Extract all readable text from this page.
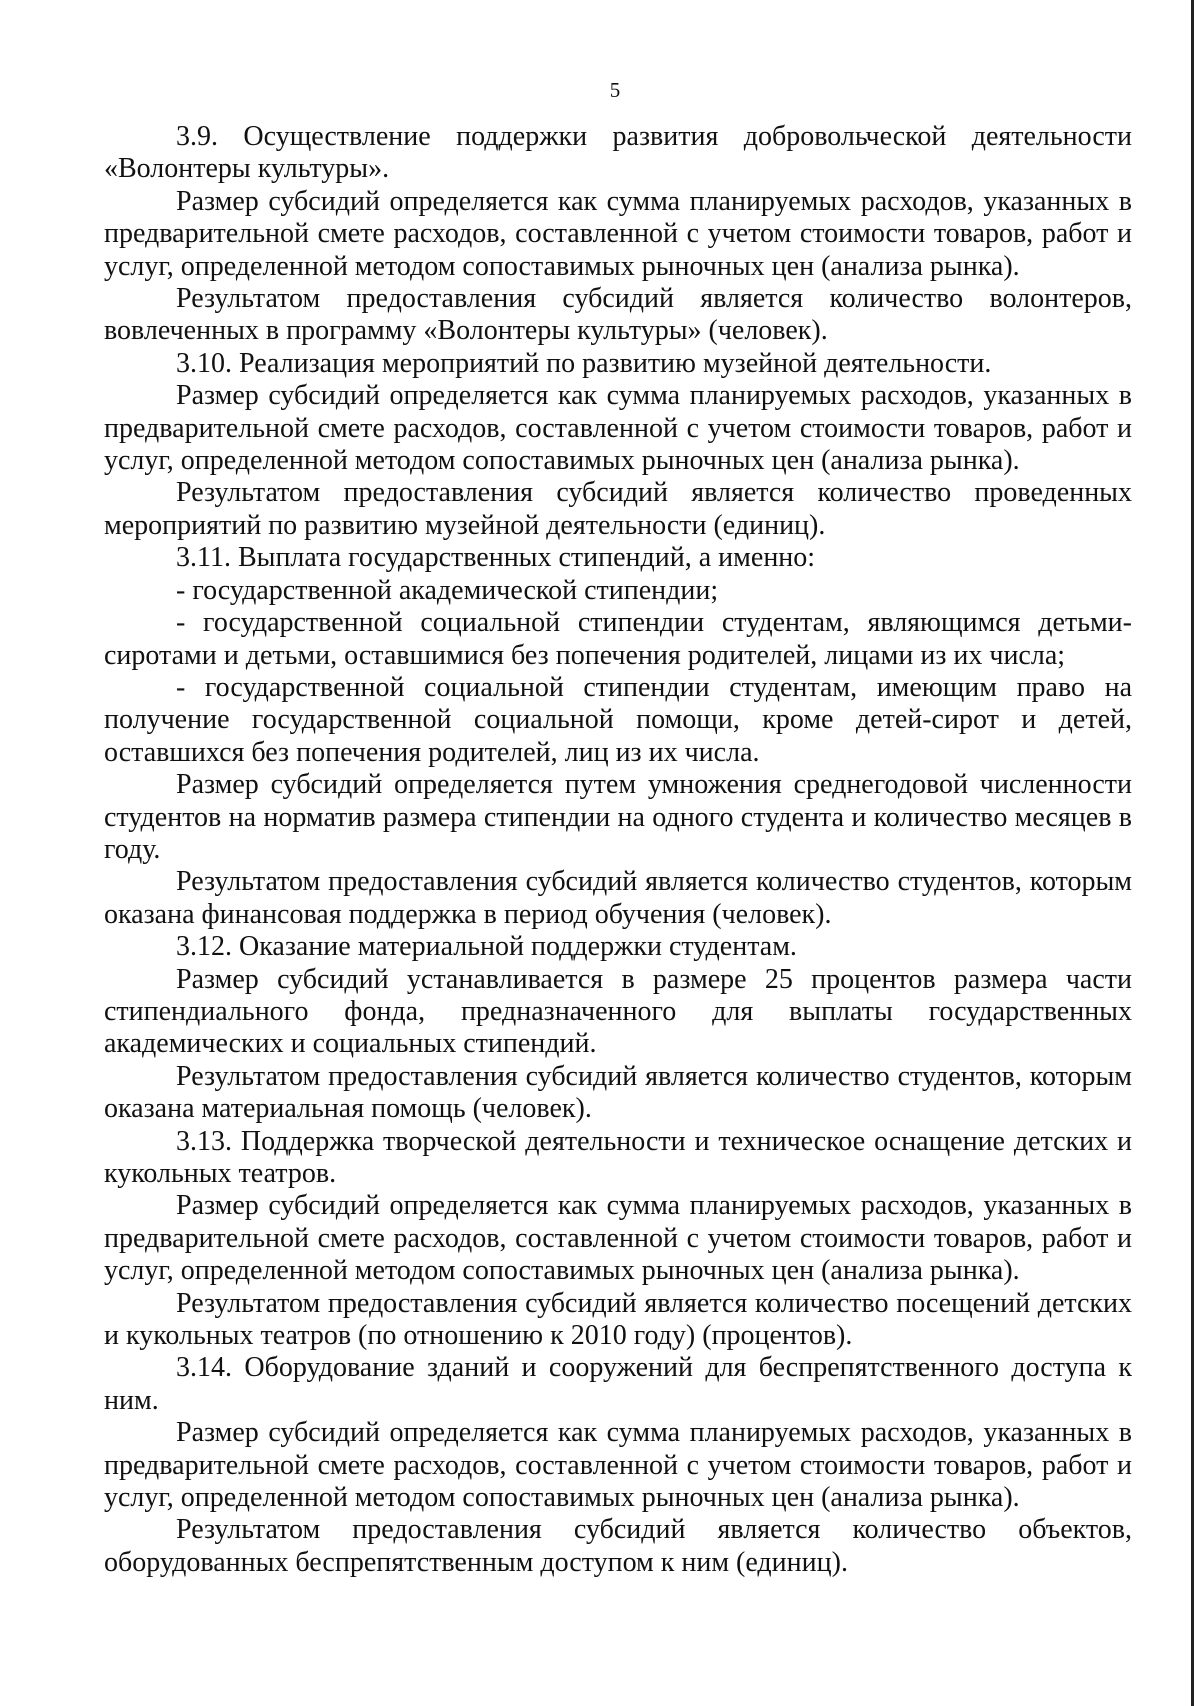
5

3.9. Осуществление поддержки развития добровольческой деятельности «Волонтеры культуры».

Размер субсидий определяется как сумма планируемых расходов, указанных в предварительной смете расходов, составленной с учетом стоимости товаров, работ и услуг, определенной методом сопоставимых рыночных цен (анализа рынка).

Результатом предоставления субсидий является количество волонтеров, вовлеченных в программу «Волонтеры культуры» (человек).

3.10. Реализация мероприятий по развитию музейной деятельности.

Размер субсидий определяется как сумма планируемых расходов, указанных в предварительной смете расходов, составленной с учетом стоимости товаров, работ и услуг, определенной методом сопоставимых рыночных цен (анализа рынка).

Результатом предоставления субсидий является количество проведенных мероприятий по развитию музейной деятельности (единиц).

3.11. Выплата государственных стипендий, а именно:

- государственной академической стипендии;

- государственной социальной стипендии студентам, являющимся детьми-сиротами и детьми, оставшимися без попечения родителей, лицами из их числа;

- государственной социальной стипендии студентам, имеющим право на получение государственной социальной помощи, кроме детей-сирот и детей, оставшихся без попечения родителей, лиц из их числа.

Размер субсидий определяется путем умножения среднегодовой численности студентов на норматив размера стипендии на одного студента и количество месяцев в году.

Результатом предоставления субсидий является количество студентов, которым оказана финансовая поддержка в период обучения (человек).

3.12. Оказание материальной поддержки студентам.

Размер субсидий устанавливается в размере 25 процентов размера части стипендиального фонда, предназначенного для выплаты государственных академических и социальных стипендий.

Результатом предоставления субсидий является количество студентов, которым оказана материальная помощь (человек).

3.13. Поддержка творческой деятельности и техническое оснащение детских и кукольных театров.

Размер субсидий определяется как сумма планируемых расходов, указанных в предварительной смете расходов, составленной с учетом стоимости товаров, работ и услуг, определенной методом сопоставимых рыночных цен (анализа рынка).

Результатом предоставления субсидий является количество посещений детских и кукольных театров (по отношению к 2010 году) (процентов).

3.14. Оборудование зданий и сооружений для беспрепятственного доступа к ним.

Размер субсидий определяется как сумма планируемых расходов, указанных в предварительной смете расходов, составленной с учетом стоимости товаров, работ и услуг, определенной методом сопоставимых рыночных цен (анализа рынка).

Результатом предоставления субсидий является количество объектов, оборудованных беспрепятственным доступом к ним (единиц).
